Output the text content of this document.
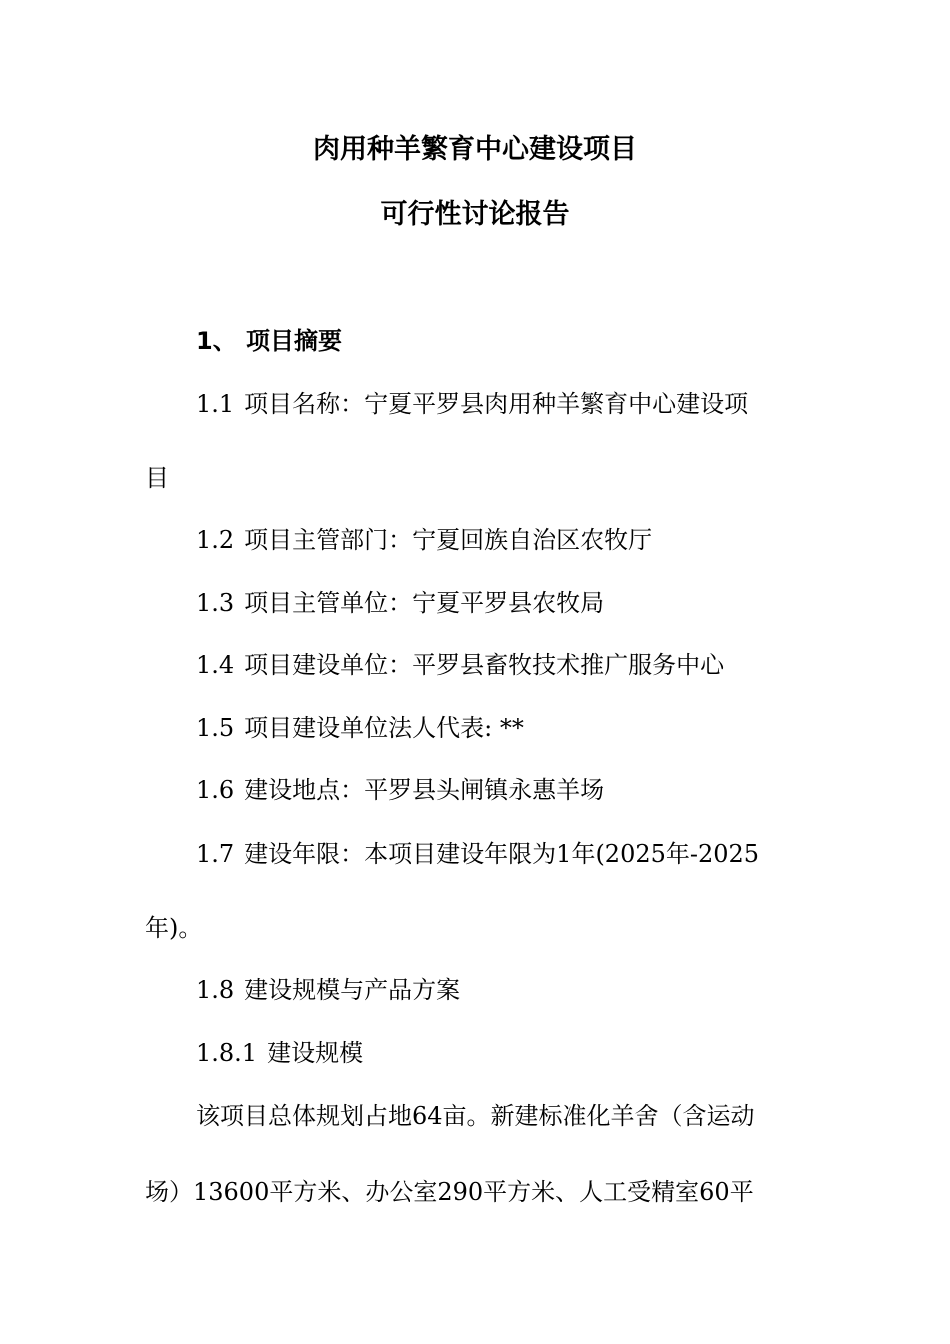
肉用种羊繁育中心建设项目
可行性讨论报告
1、 项目摘要
1.1 项目名称：宁夏平罗县肉用种羊繁育中心建设项
目
1.2 项目主管部门：宁夏回族自治区农牧厅
1.3 项目主管单位：宁夏平罗县农牧局
1.4 项目建设单位：平罗县畜牧技术推广服务中心
1.5 项目建设单位法人代表: **
1.6 建设地点：平罗县头闸镇永惠羊场
1.7 建设年限：本项目建设年限为1年(2025年-2025
年)。
1.8 建设规模与产品方案
1.8.1 建设规模
该项目总体规划占地64亩。新建标准化羊舍（含运动
场）13600平方米、办公室290平方米、人工受精室60平
